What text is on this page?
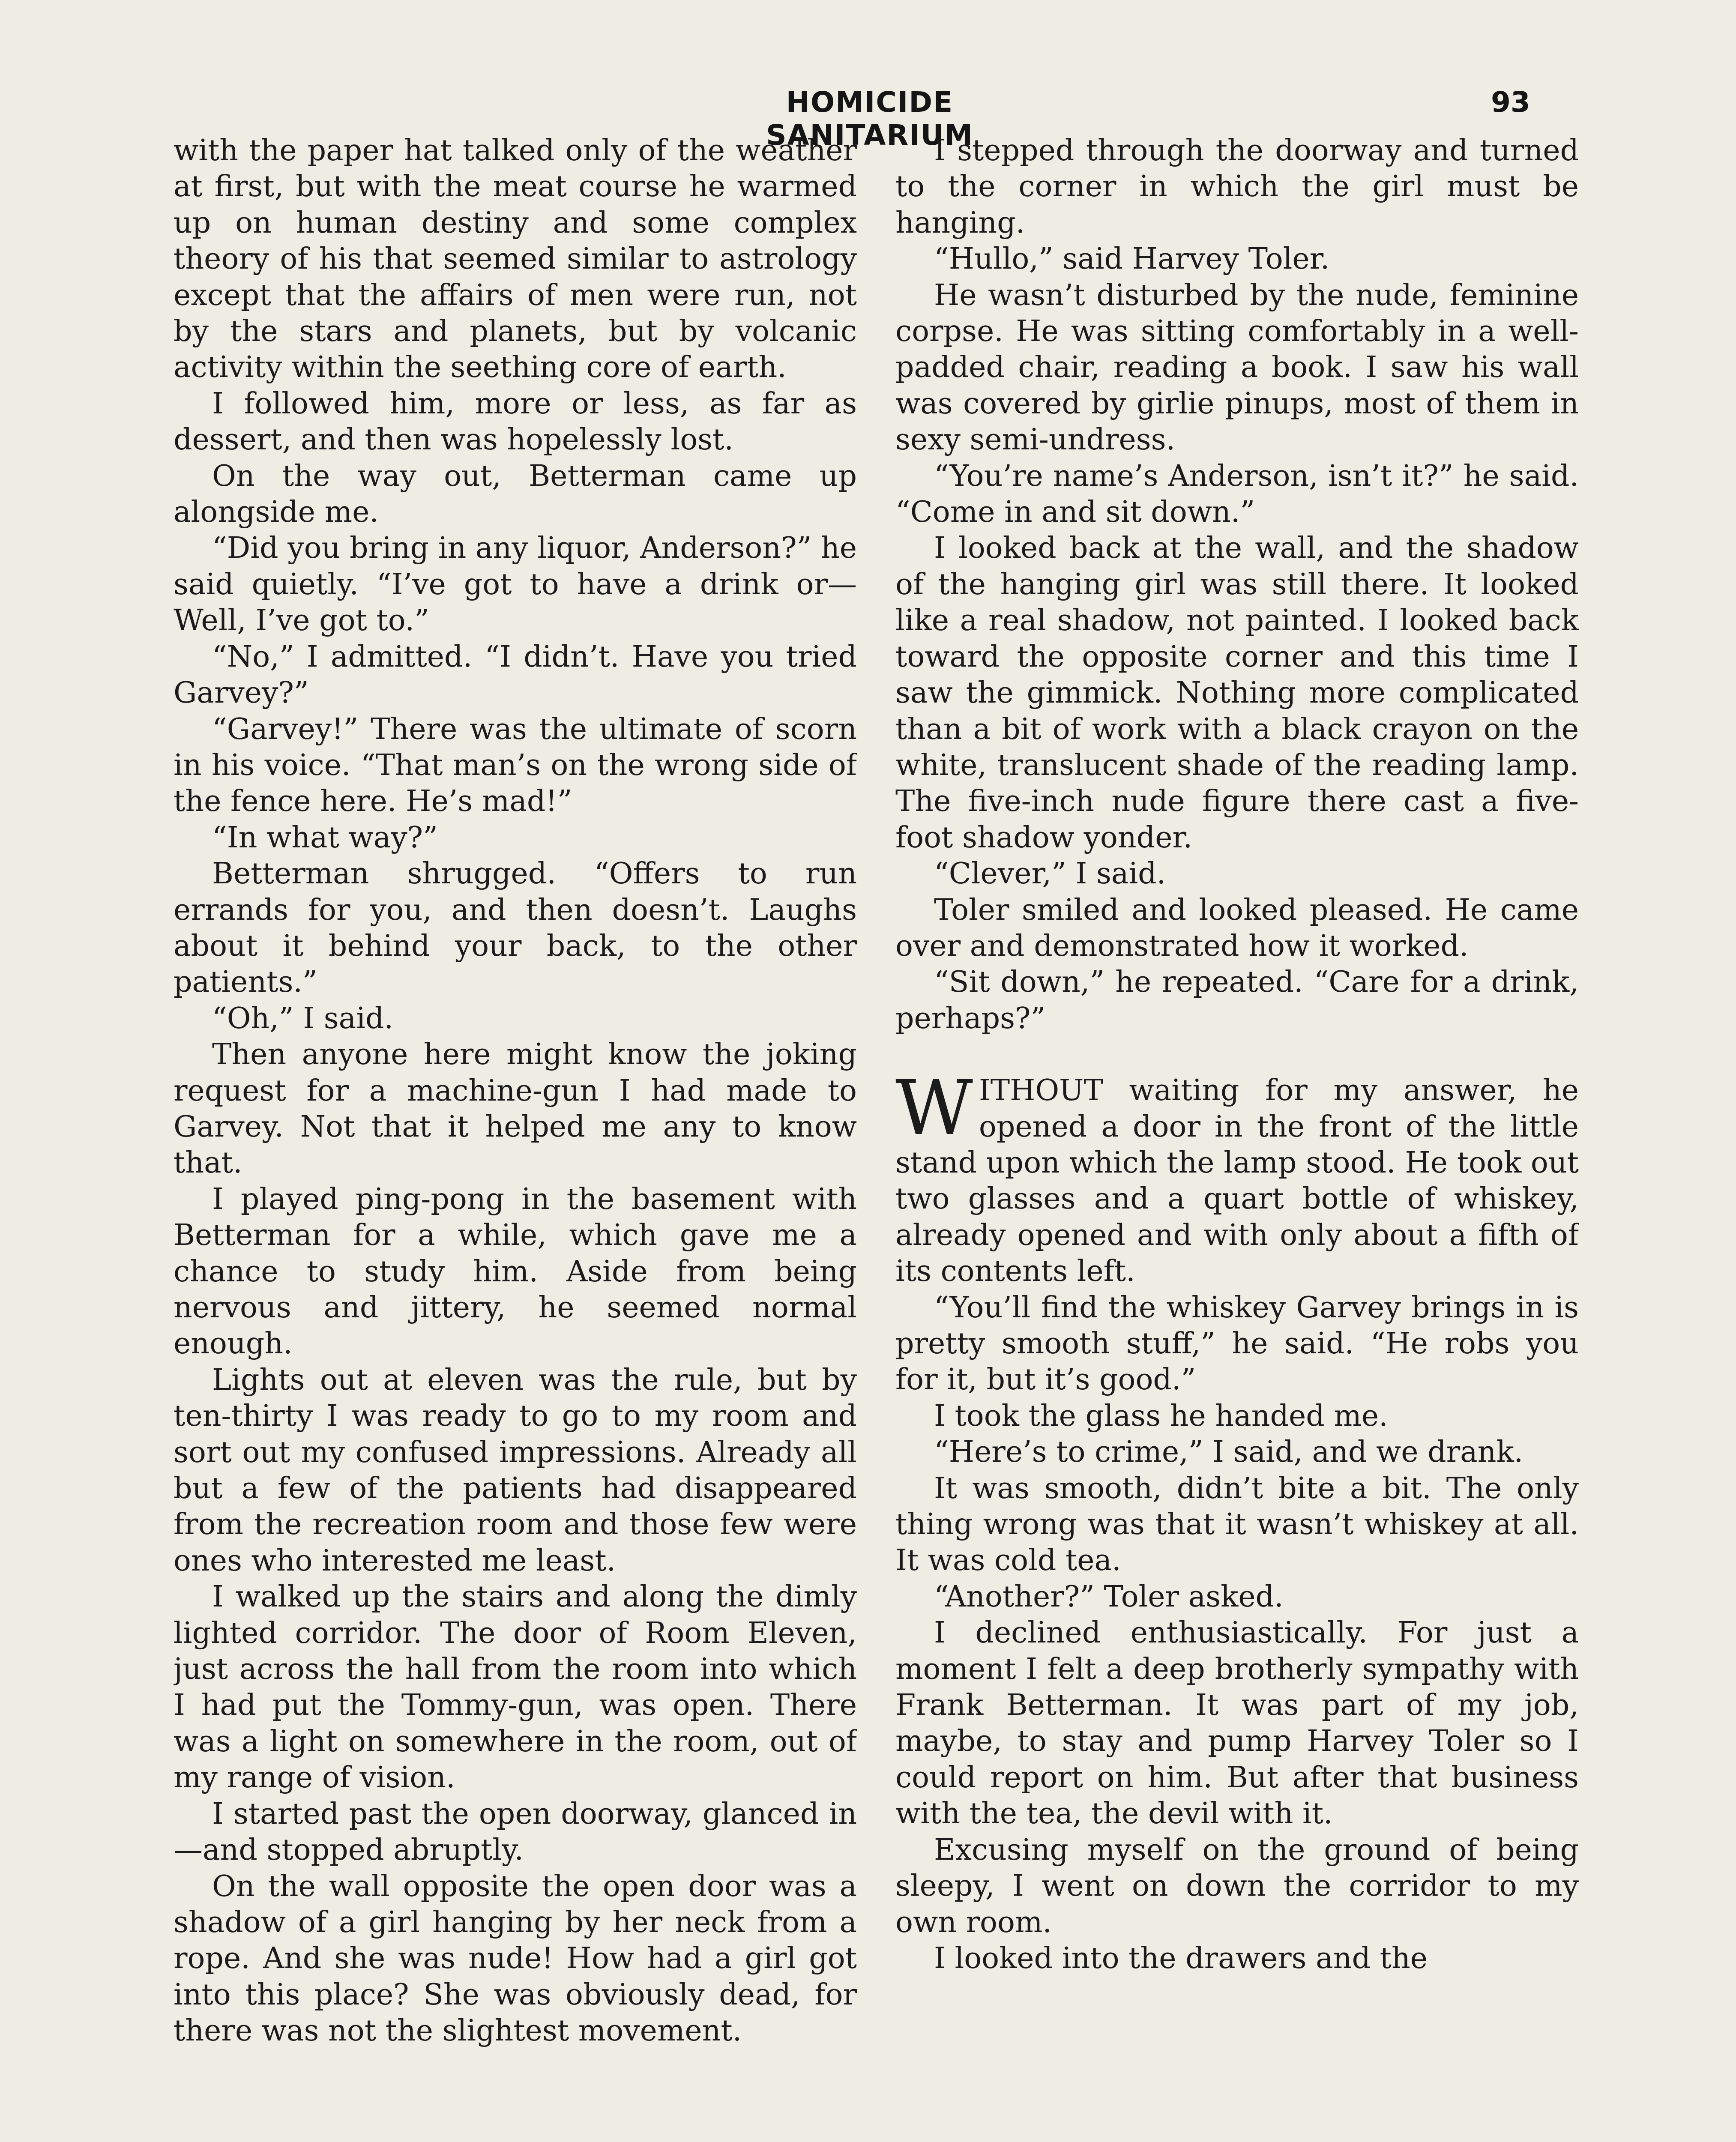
HOMICIDE SANITARIUM
93

with the paper hat talked only of the weather at first, but with the meat course he warmed up on human destiny and some complex theory of his that seemed similar to astrology except that the affairs of men were run, not by the stars and planets, but by volcanic activity within the seething core of earth.

I followed him, more or less, as far as dessert, and then was hopelessly lost.

On the way out, Betterman came up alongside me.

“Did you bring in any liquor, Anderson?” he said quietly. “I’ve got to have a drink or—Well, I’ve got to.”

“No,” I admitted. “I didn’t. Have you tried Garvey?”

“Garvey!” There was the ultimate of scorn in his voice. “That man’s on the wrong side of the fence here. He’s mad!”

“In what way?”

Betterman shrugged. “Offers to run errands for you, and then doesn’t. Laughs about it behind your back, to the other patients.”

“Oh,” I said.

Then anyone here might know the joking request for a machine-gun I had made to Garvey. Not that it helped me any to know that.

I played ping-pong in the basement with Betterman for a while, which gave me a chance to study him. Aside from being nervous and jittery, he seemed normal enough.

Lights out at eleven was the rule, but by ten-thirty I was ready to go to my room and sort out my confused impressions. Already all but a few of the patients had disappeared from the recreation room and those few were ones who interested me least.

I walked up the stairs and along the dimly lighted corridor. The door of Room Eleven, just across the hall from the room into which I had put the Tommy-gun, was open. There was a light on somewhere in the room, out of my range of vision.

I started past the open doorway, glanced in—and stopped abruptly.

On the wall opposite the open door was a shadow of a girl hanging by her neck from a rope. And she was nude! How had a girl got into this place? She was obviously dead, for there was not the slightest movement.

I stepped through the doorway and turned to the corner in which the girl must be hanging.

“Hullo,” said Harvey Toler.

He wasn’t disturbed by the nude, feminine corpse. He was sitting comfortably in a well-padded chair, reading a book. I saw his wall was covered by girlie pinups, most of them in sexy semi-undress.

“You’re name’s Anderson, isn’t it?” he said. “Come in and sit down.”

I looked back at the wall, and the shadow of the hanging girl was still there. It looked like a real shadow, not painted. I looked back toward the opposite corner and this time I saw the gimmick. Nothing more complicated than a bit of work with a black crayon on the white, translucent shade of the reading lamp. The five-inch nude figure there cast a five-foot shadow yonder.

“Clever,” I said.

Toler smiled and looked pleased. He came over and demonstrated how it worked.

“Sit down,” he repeated. “Care for a drink, perhaps?”

WITHOUT waiting for my answer, he opened a door in the front of the little stand upon which the lamp stood. He took out two glasses and a quart bottle of whiskey, already opened and with only about a fifth of its contents left.

“You’ll find the whiskey Garvey brings in is pretty smooth stuff,” he said. “He robs you for it, but it’s good.”

I took the glass he handed me.

“Here’s to crime,” I said, and we drank.

It was smooth, didn’t bite a bit. The only thing wrong was that it wasn’t whiskey at all. It was cold tea.

“Another?” Toler asked.

I declined enthusiastically. For just a moment I felt a deep brotherly sympathy with Frank Betterman. It was part of my job, maybe, to stay and pump Harvey Toler so I could report on him. But after that business with the tea, the devil with it.

Excusing myself on the ground of being sleepy, I went on down the corridor to my own room.

I looked into the drawers and the
